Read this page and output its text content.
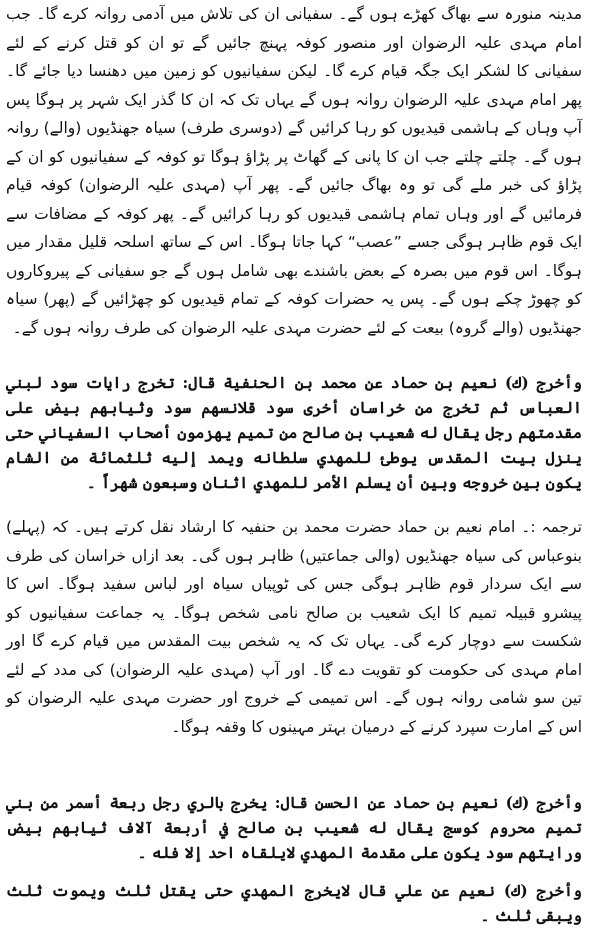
مدینہ منورہ سے بھاگ کھڑے ہوں گے۔ سفیانی ان کی تلاش میں آدمی روانہ کرے گا۔ جب امام مہدی علیہ الرضوان اور منصور کوفہ پہنچ جائیں گے تو ان کو قتل کرنے کے لئے سفیانی کا لشکر ایک جگہ قیام کرے گا۔ لیکن سفیانیوں کو زمین میں دھنسا دیا جائے گا۔ پھر امام مہدی علیہ الرضوان روانہ ہوں گے یہاں تک کہ ان کا گذر ایک شہر پر ہوگا پس آپ وہاں کے ہاشمی قیدیوں کو رہا کرائیں گے (دوسری طرف) سیاہ جھنڈیوں (والے) روانہ ہوں گے۔ چلتے چلتے جب ان کا پانی کے گھاٹ پر پڑاؤ ہوگا تو کوفہ کے سفیانیوں کو ان کے پڑاؤ کی خبر ملے گی تو وہ بھاگ جائیں گے۔ پھر آپ (مہدی علیہ الرضوان) کوفہ قیام فرمائیں گے اور وہاں تمام ہاشمی قیدیوں کو رہا کرائیں گے۔ پھر کوفہ کے مضافات سے ایک قوم ظاہر ہوگی جسے ”عصب“ کہا جاتا ہوگا۔ اس کے ساتھ اسلحہ قلیل مقدار میں ہوگا۔ اس قوم میں بصرہ کے بعض باشندے بھی شامل ہوں گے جو سفیانی کے پیروکاروں کو چھوڑ چکے ہوں گے۔ پس یہ حضرات کوفہ کے تمام قیدیوں کو چھڑائیں گے (پھر) سیاہ جھنڈیوں (والے گروہ) بیعت کے لئے حضرت مہدی علیہ الرضوان کی طرف روانہ ہوں گے۔

وأخرج (ك) نعيم بن حماد عن محمد بن الحنفية قال: تخرج رايات سود لبني العباس ثم تخرج من خراسان أخرى سود قلانسهم سود وثيابهم بيض على مقدمتهم رجل يقال له شعيب بن صالح من تميم يهزمون أصحاب السفياني حتى ينزل بيت المقدس يوطئ للمهدي سلطانه ويمد إليه ثلثمائة من الشام يكون بين خروجه وبين أن يسلم الأمر للمهدي اثنان وسبعون شهراً ۔

ترجمہ :۔ امام نعیم بن حماد حضرت محمد بن حنفیہ کا ارشاد نقل کرتے ہیں۔ کہ (پہلے) بنوعباس کی سیاہ جھنڈیوں (والی جماعتیں) ظاہر ہوں گی۔ بعد ازاں خراسان کی طرف سے ایک سردار قوم ظاہر ہوگی جس کی ٹوپیاں سیاہ اور لباس سفید ہوگا۔ اس کا پیشرو قبیلہ تمیم کا ایک شعیب بن صالح نامی شخص ہوگا۔ یہ جماعت سفیانیوں کو شکست سے دوچار کرے گی۔ یہاں تک کہ یہ شخص بیت المقدس میں قیام کرے گا اور امام مہدی کی حکومت کو تقویت دے گا۔ اور آپ (مہدی علیہ الرضوان) کی مدد کے لئے تین سو شامی روانہ ہوں گے۔ اس تمیمی کے خروج اور حضرت مہدی علیہ الرضوان کو اس کے امارت سپرد کرنے کے درمیان بہتر مہینوں کا وقفہ ہوگا۔

وأخرج (ك) نعيم بن حماد عن الحسن قال: يخرج بالري رجل ربعة أسمر من بني تميم محروم كوسج يقال له شعيب بن صالح في أربعة آلاف ثيابهم بيض ورايتهم سود يكون على مقدمة المهدي لايلقاه احد إلا فله ۔

وأخرج (ك) نعيم عن علي قال لايخرج المهدي حتى يقتل ثلث ويموت ثلث ويبقى ثلث ۔
